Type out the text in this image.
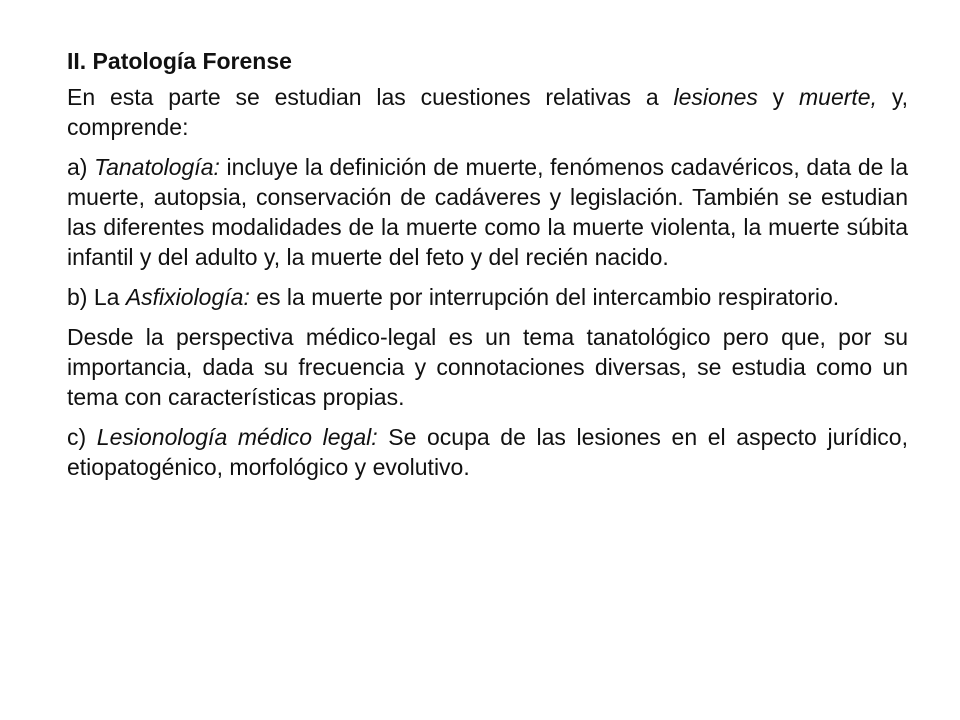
II. Patología Forense

En esta parte se estudian las cuestiones relativas a lesiones y muerte, y, comprende:

a) Tanatología: incluye la definición de muerte, fenómenos cadavéricos, data de la muerte, autopsia, conservación de cadáveres y legislación. También se estudian las diferentes modalidades de la muerte como la muerte violenta, la muerte súbita infantil y del adulto y, la muerte del feto y del recién nacido.

b) La Asfixiología: es la muerte por interrupción del intercambio respiratorio.

Desde la perspectiva médico-legal es un tema tanatológico pero que, por su importancia, dada su frecuencia y connotaciones diversas, se estudia como un tema con características propias.

c) Lesionología médico legal: Se ocupa de las lesiones en el aspecto jurídico, etiopatogénico, morfológico y evolutivo.
